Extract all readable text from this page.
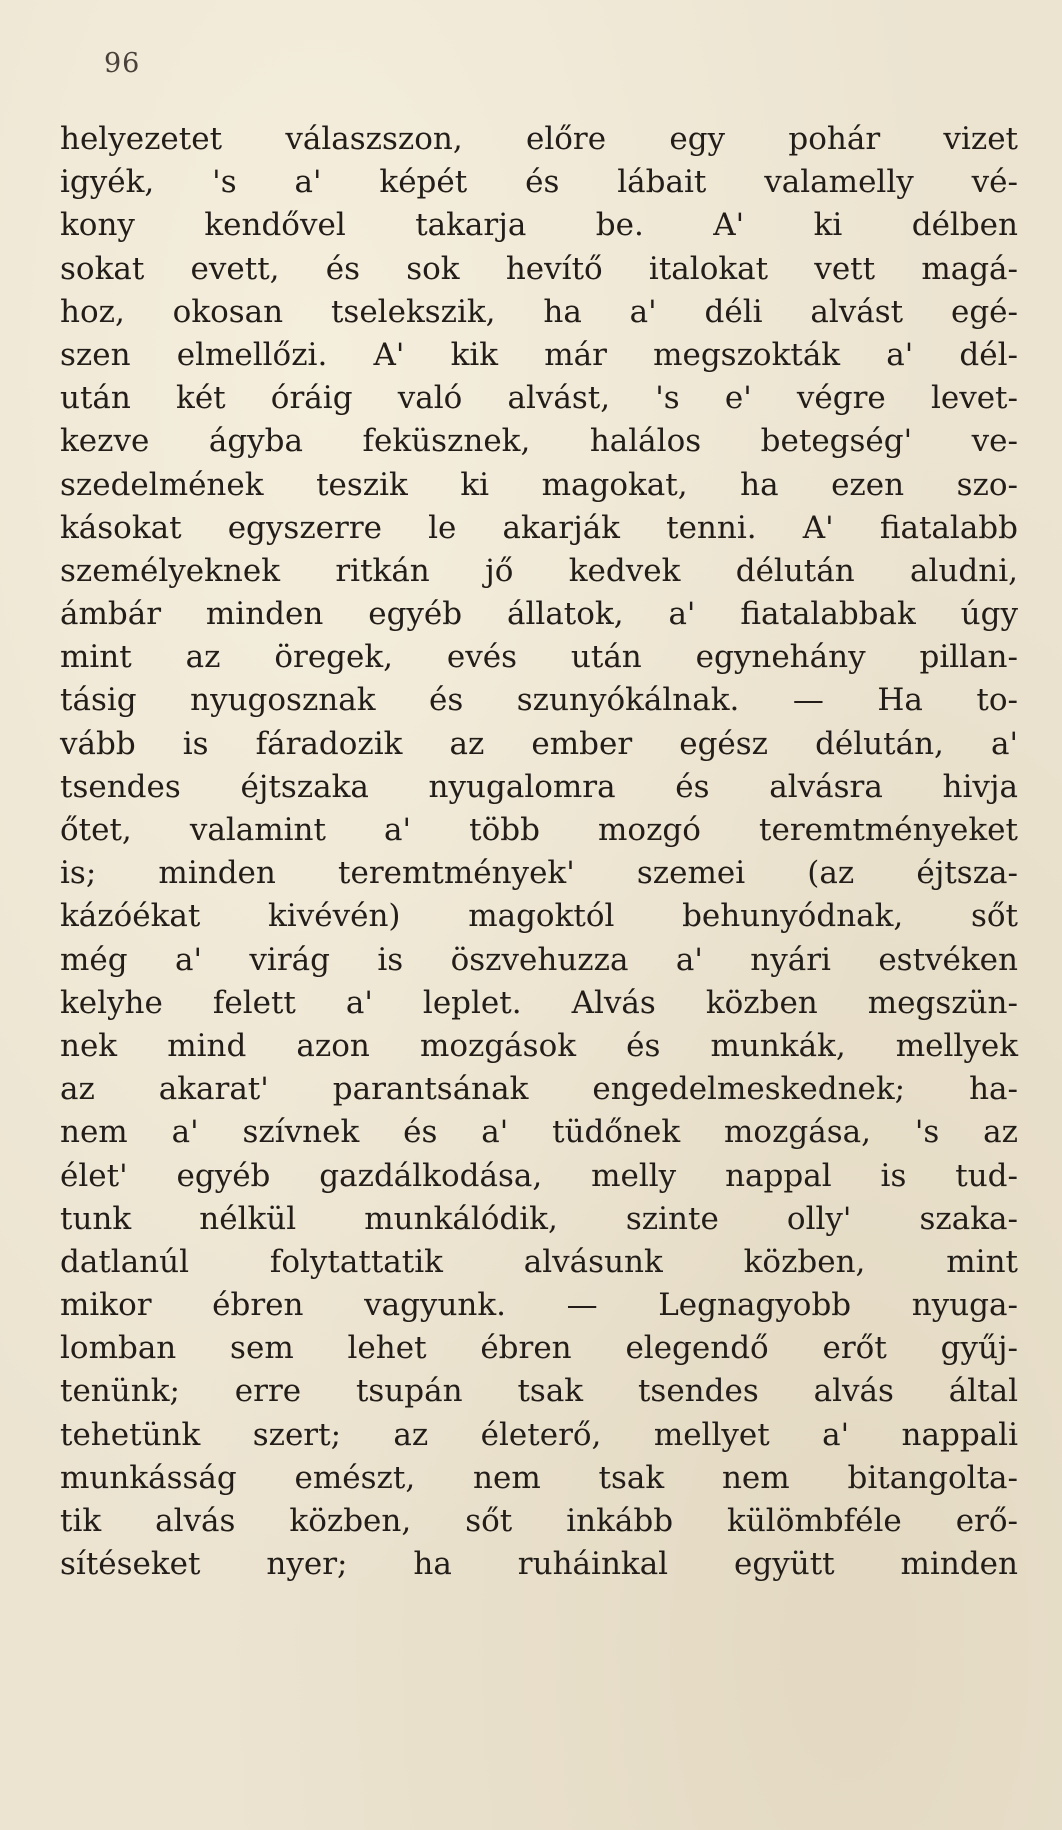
96
helyezetet válaszszon, előre egy pohár vizet
igyék, 's a' képét és lábait valamelly vé-
kony kendővel takarja be. A' ki délben
sokat evett, és sok hevítő italokat vett magá-
hoz, okosan tselekszik, ha a' déli alvást egé-
szen elmellőzi. A' kik már megszokták a' dél-
után két óráig való alvást, 's e' végre levet-
kezve ágyba feküsznek, halálos betegség' ve-
szedelmének teszik ki magokat, ha ezen szo-
kásokat egyszerre le akarják tenni. A' fiatalabb
személyeknek ritkán jő kedvek délután aludni,
ámbár minden egyéb állatok, a' fiatalabbak úgy
mint az öregek, evés után egynehány pillan-
tásig nyugosznak és szunyókálnak. — Ha to-
vább is fáradozik az ember egész délután, a'
tsendes éjtszaka nyugalomra és alvásra hivja
őtet, valamint a' több mozgó teremtményeket
is; minden teremtmények' szemei (az éjtsza-
kázóékat kivévén) magoktól behunyódnak, sőt
még a' virág is öszvehuzza a' nyári estvéken
kelyhe felett a' leplet. Alvás közben megszün-
nek mind azon mozgások és munkák, mellyek
az akarat' parantsának engedelmeskednek; ha-
nem a' szívnek és a' tüdőnek mozgása, 's az
élet' egyéb gazdálkodása, melly nappal is tud-
tunk nélkül munkálódik, szinte olly' szaka-
datlanúl folytattatik alvásunk közben, mint
mikor ébren vagyunk. — Legnagyobb nyuga-
lomban sem lehet ébren elegendő erőt gyűj-
tenünk; erre tsupán tsak tsendes alvás által
tehetünk szert; az életerő, mellyet a' nappali
munkásság emészt, nem tsak nem bitangolta-
tik alvás közben, sőt inkább külömbféle erő-
sítéseket nyer; ha ruháinkal együtt minden
